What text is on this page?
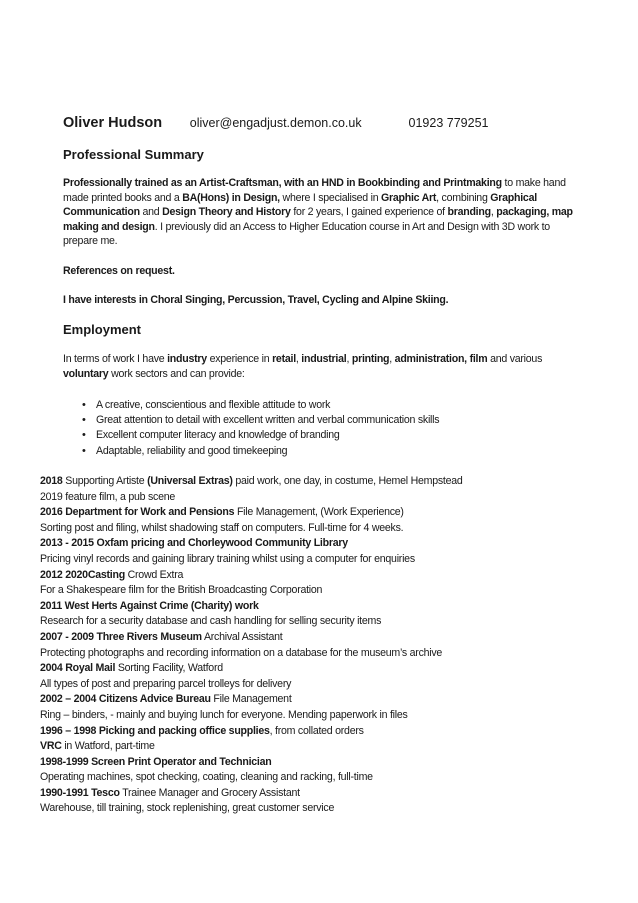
Oliver Hudson oliver@engadjust.demon.co.uk	01923 779251
Professional Summary
Professionally trained as an Artist-Craftsman, with an HND in Bookbinding and Printmaking to make hand made printed books and a BA(Hons) in Design, where I specialised in Graphic Art, combining Graphical Communication and Design Theory and History for 2 years, I gained experience of branding, packaging, map making and design. I previously did an Access to Higher Education course in Art and Design with 3D work to prepare me.
References on request.
I have interests in Choral Singing, Percussion, Travel, Cycling and Alpine Skiing.
Employment
In terms of work I have industry experience in retail, industrial, printing, administration, film and various voluntary work sectors and can provide:
• A creative, conscientious and flexible attitude to work
• Great attention to detail with excellent written and verbal communication skills
• Excellent computer literacy and knowledge of branding
• Adaptable, reliability and good timekeeping
2018 Supporting Artiste (Universal Extras) paid work, one day, in costume, Hemel Hempstead
2019 feature film, a pub scene
2016 Department for Work and Pensions File Management, (Work Experience)
Sorting post and filing, whilst shadowing staff on computers. Full-time for 4 weeks.
2013 - 2015 Oxfam pricing and Chorleywood Community Library
Pricing vinyl records and gaining library training whilst using a computer for enquiries
2012 2020Casting Crowd Extra
For a Shakespeare film for the British Broadcasting Corporation
2011 West Herts Against Crime (Charity) work
Research for a security database and cash handling for selling security items
2007 - 2009 Three Rivers Museum Archival Assistant
Protecting photographs and recording information on a database for the museum’s archive
2004 Royal Mail Sorting Facility, Watford
All types of post and preparing parcel trolleys for delivery
2002 – 2004 Citizens Advice Bureau File Management
Ring – binders, - mainly and buying lunch for everyone. Mending paperwork in files
1996 – 1998 Picking and packing office supplies, from collated orders
VRC in Watford, part-time
1998-1999 Screen Print Operator and Technician
Operating machines, spot checking, coating, cleaning and racking, full-time
1990-1991 Tesco Trainee Manager and Grocery Assistant
Warehouse, till training, stock replenishing, great customer service
